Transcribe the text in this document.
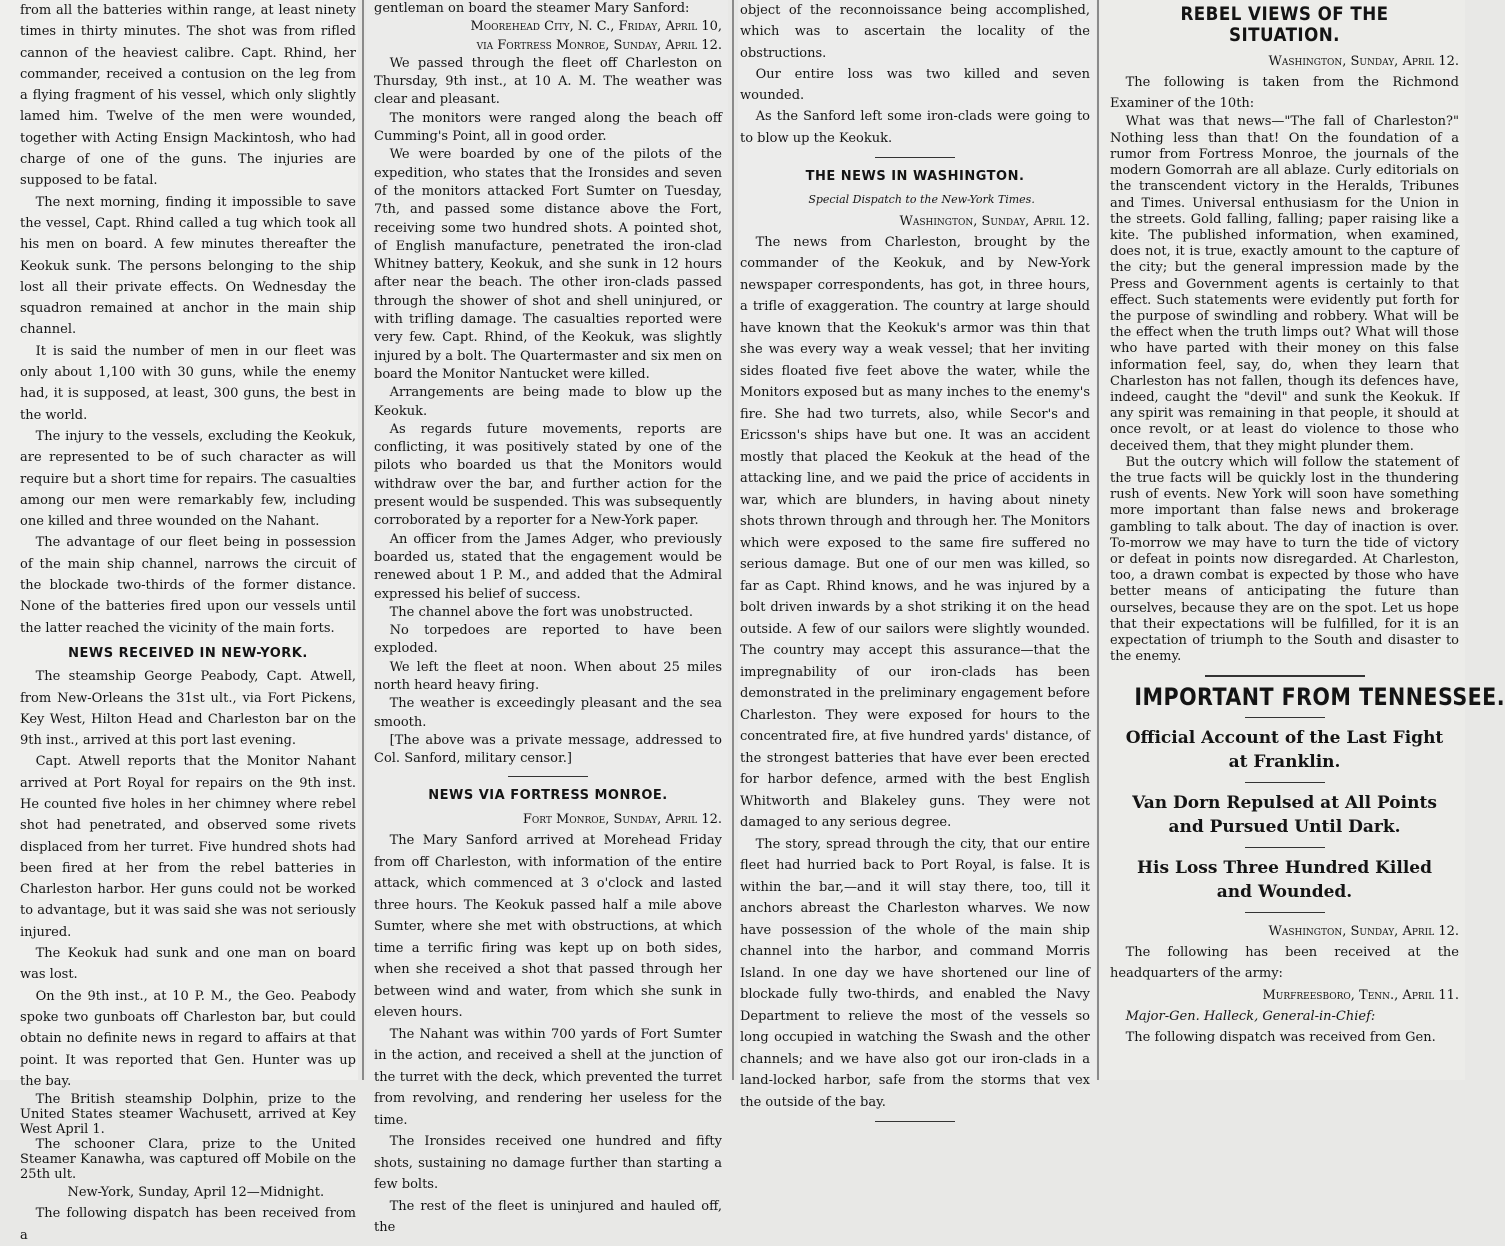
from all the batteries within range, at least ninety times in thirty minutes. The shot was from rifled cannon of the heaviest calibre. Capt. Rhind, her commander, received a contusion on the leg from a flying fragment of his vessel, which only slightly lamed him. Twelve of the men were wounded, together with Acting Ensign Mackintosh, who had charge of one of the guns. The injuries are supposed to be fatal.

The next morning, finding it impossible to save the vessel, Capt. Rhind called a tug which took all his men on board. A few minutes thereafter the Keokuk sunk. The persons belonging to the ship lost all their private effects. On Wednesday the squadron remained at anchor in the main ship channel.

It is said the number of men in our fleet was only about 1,100 with 30 guns, while the enemy had, it is supposed, at least, 300 guns, the best in the world.

The injury to the vessels, excluding the Keokuk, are represented to be of such character as will require but a short time for repairs. The casualties among our men were remarkably few, including one killed and three wounded on the Nahant.

The advantage of our fleet being in possession of the main ship channel, narrows the circuit of the blockade two-thirds of the former distance. None of the batteries fired upon our vessels until the latter reached the vicinity of the main forts.

NEWS RECEIVED IN NEW-YORK.

The steamship George Peabody, Capt. Atwell, from New-Orleans the 31st ult., via Fort Pickens, Key West, Hilton Head and Charleston bar on the 9th inst., arrived at this port last evening.

Capt. Atwell reports that the Monitor Nahant arrived at Port Royal for repairs on the 9th inst. He counted five holes in her chimney where rebel shot had penetrated, and observed some rivets displaced from her turret. Five hundred shots had been fired at her from the rebel batteries in Charleston harbor. Her guns could not be worked to advantage, but it was said she was not seriously injured.

The Keokuk had sunk and one man on board was lost.

On the 9th inst., at 10 P. M., the Geo. Peabody spoke two gunboats off Charleston bar, but could obtain no definite news in regard to affairs at that point. It was reported that Gen. Hunter was up the bay.

The British steamship Dolphin, prize to the United States steamer Wachusett, arrived at Key West April 1.

The schooner Clara, prize to the United Steamer Kanawha, was captured off Mobile on the 25th ult.

New-York, Sunday, April 12—Midnight.

The following dispatch has been received from a

gentleman on board the steamer Mary Sanford:

Moorehead City, N. C., Friday, April 10,

via Fortress Monroe, Sunday, April 12.

We passed through the fleet off Charleston on Thursday, 9th inst., at 10 A. M. The weather was clear and pleasant.

The monitors were ranged along the beach off Cumming's Point, all in good order.

We were boarded by one of the pilots of the expedition, who states that the Ironsides and seven of the monitors attacked Fort Sumter on Tuesday, 7th, and passed some distance above the Fort, receiving some two hundred shots. A pointed shot, of English manufacture, penetrated the iron-clad Whitney battery, Keokuk, and she sunk in 12 hours after near the beach. The other iron-clads passed through the shower of shot and shell uninjured, or with trifling damage. The casualties reported were very few. Capt. Rhind, of the Keokuk, was slightly injured by a bolt. The Quartermaster and six men on board the Monitor Nantucket were killed.

Arrangements are being made to blow up the Keokuk.

As regards future movements, reports are conflicting, it was positively stated by one of the pilots who boarded us that the Monitors would withdraw over the bar, and further action for the present would be suspended. This was subsequently corroborated by a reporter for a New-York paper.

An officer from the James Adger, who previously boarded us, stated that the engagement would be renewed about 1 P. M., and added that the Admiral expressed his belief of success.

The channel above the fort was unobstructed.

No torpedoes are reported to have been exploded.

We left the fleet at noon. When about 25 miles north heard heavy firing.

The weather is exceedingly pleasant and the sea smooth.

[The above was a private message, addressed to Col. Sanford, military censor.]

NEWS VIA FORTRESS MONROE.

Fort Monroe, Sunday, April 12.

The Mary Sanford arrived at Morehead Friday from off Charleston, with information of the entire attack, which commenced at 3 o'clock and lasted three hours. The Keokuk passed half a mile above Sumter, where she met with obstructions, at which time a terrific firing was kept up on both sides, when she received a shot that passed through her between wind and water, from which she sunk in eleven hours.

The Nahant was within 700 yards of Fort Sumter in the action, and received a shell at the junction of the turret with the deck, which prevented the turret from revolving, and rendering her useless for the time.

The Ironsides received one hundred and fifty shots, sustaining no damage further than starting a few bolts.

The rest of the fleet is uninjured and hauled off, the

object of the reconnoissance being accomplished, which was to ascertain the locality of the obstructions.

Our entire loss was two killed and seven wounded.

As the Sanford left some iron-clads were going to to blow up the Keokuk.

THE NEWS IN WASHINGTON.

Special Dispatch to the New-York Times.

Washington, Sunday, April 12.

The news from Charleston, brought by the commander of the Keokuk, and by New-York newspaper correspondents, has got, in three hours, a trifle of exaggeration. The country at large should have known that the Keokuk's armor was thin that she was every way a weak vessel; that her inviting sides floated five feet above the water, while the Monitors exposed but as many inches to the enemy's fire. She had two turrets, also, while Secor's and Ericsson's ships have but one. It was an accident mostly that placed the Keokuk at the head of the attacking line, and we paid the price of accidents in war, which are blunders, in having about ninety shots thrown through and through her. The Monitors which were exposed to the same fire suffered no serious damage. But one of our men was killed, so far as Capt. Rhind knows, and he was injured by a bolt driven inwards by a shot striking it on the head outside. A few of our sailors were slightly wounded. The country may accept this assurance—that the impregnability of our iron-clads has been demonstrated in the preliminary engagement before Charleston. They were exposed for hours to the concentrated fire, at five hundred yards' distance, of the strongest batteries that have ever been erected for harbor defence, armed with the best English Whitworth and Blakeley guns. They were not damaged to any serious degree.

The story, spread through the city, that our entire fleet had hurried back to Port Royal, is false. It is within the bar,—and it will stay there, too, till it anchors abreast the Charleston wharves. We now have possession of the whole of the main ship channel into the harbor, and command Morris Island. In one day we have shortened our line of blockade fully two-thirds, and enabled the Navy Department to relieve the most of the vessels so long occupied in watching the Swash and the other channels; and we have also got our iron-clads in a land-locked harbor, safe from the storms that vex the outside of the bay.

REBEL VIEWS OF THE SITUATION.

Washington, Sunday, April 12.

The following is taken from the Richmond Examiner of the 10th:

What was that news—"The fall of Charleston?" Nothing less than that! On the foundation of a rumor from Fortress Monroe, the journals of the modern Gomorrah are all ablaze. Curly editorials on the transcendent victory in the Heralds, Tribunes and Times. Universal enthusiasm for the Union in the streets. Gold falling, falling; paper raising like a kite. The published information, when examined, does not, it is true, exactly amount to the capture of the city; but the general impression made by the Press and Government agents is certainly to that effect. Such statements were evidently put forth for the purpose of swindling and robbery. What will be the effect when the truth limps out? What will those who have parted with their money on this false information feel, say, do, when they learn that Charleston has not fallen, though its defences have, indeed, caught the "devil" and sunk the Keokuk. If any spirit was remaining in that people, it should at once revolt, or at least do violence to those who deceived them, that they might plunder them.

But the outcry which will follow the statement of the true facts will be quickly lost in the thundering rush of events. New York will soon have something more important than false news and brokerage gambling to talk about. The day of inaction is over. To-morrow we may have to turn the tide of victory or defeat in points now disregarded. At Charleston, too, a drawn combat is expected by those who have better means of anticipating the future than ourselves, because they are on the spot. Let us hope that their expectations will be fulfilled, for it is an expectation of triumph to the South and disaster to the enemy.

IMPORTANT FROM TENNESSEE.
Official Account of the Last Fight at Franklin.
Van Dorn Repulsed at All Points and Pursued Until Dark.
His Loss Three Hundred Killed and Wounded.

Washington, Sunday, April 12.

The following has been received at the headquarters of the army:

Murfreesboro, Tenn., April 11.

Major-Gen. Halleck, General-in-Chief:

The following dispatch was received from Gen.
